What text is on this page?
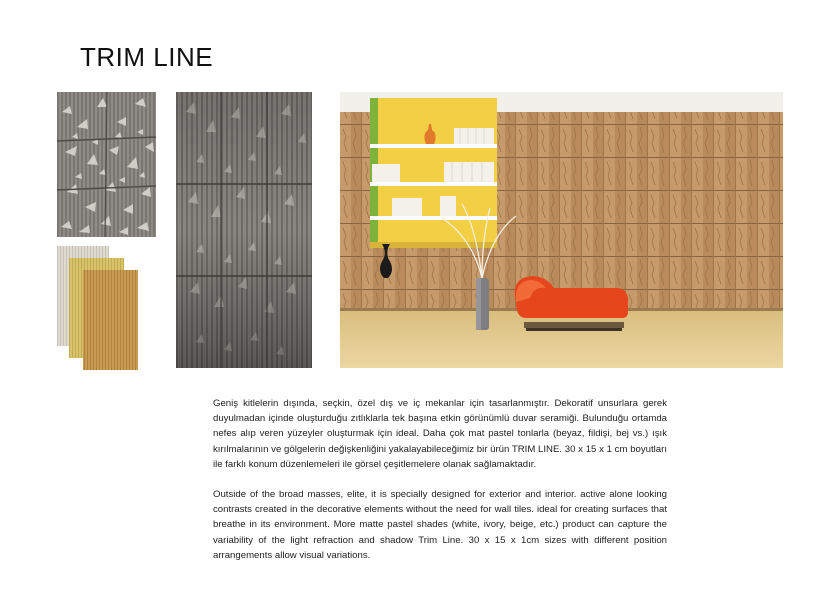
TRIM LINE

Geniş kitlelerin dışında, seçkin, özel dış ve iç mekanlar için tasarlanmıştır. Dekoratif unsurlara gerek duyulmadan içinde oluşturduğu zıtlıklarla tek başına etkin görünümlü duvar seramiği. Bulunduğu ortamda nefes alıp veren yüzeyler oluşturmak için ideal. Daha çok mat pastel tonlarla (beyaz, fildişi, bej vs.) ışık kırılmalarının ve gölgelerin değişkenliğini yakalayabileceğimiz bir ürün TRIM LINE. 30 x 15 x 1 cm boyutları ile farklı konum düzenlemeleri ile görsel çeşitlemelere olanak sağlamaktadır.

Outside of the broad masses, elite, it is specially designed for exterior and interior. active alone looking contrasts created in the decorative elements without the need for wall tiles. ideal for creating surfaces that breathe in its environment. More matte pastel shades (white, ivory, beige, etc.) product can capture the variability of the light refraction and shadow Trim Line. 30 x 15 x 1cm sizes with different position arrangements allow visual variations.
